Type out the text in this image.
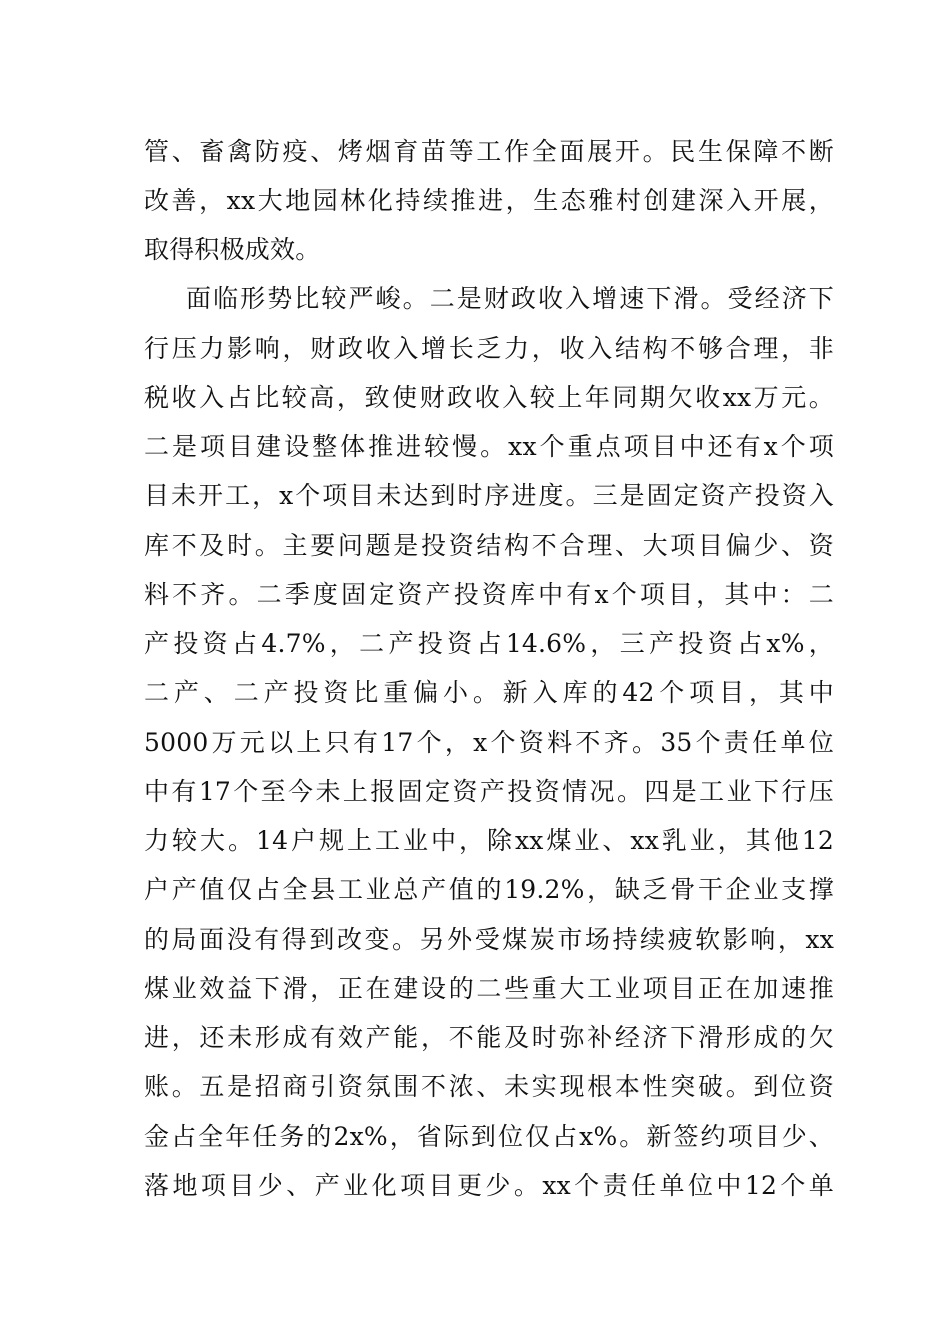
管、畜禽防疫、烤烟育苗等工作全面展开。民生保障不断
改善，xx大地园林化持续推进，生态雅村创建深入开展，
取得积极成效。
面临形势比较严峻。二是财政收入增速下滑。受经济下
行压力影响，财政收入增长乏力，收入结构不够合理，非
税收入占比较高，致使财政收入较上年同期欠收xx万元。
二是项目建设整体推进较慢。xx个重点项目中还有x个项
目未开工，x个项目未达到时序进度。三是固定资产投资入
库不及时。主要问题是投资结构不合理、大项目偏少、资
料不齐。二季度固定资产投资库中有x个项目，其中：二
产投资占4.7%，二产投资占14.6%，三产投资占x%，
二产、二产投资比重偏小。新入库的42个项目，其中
5000万元以上只有17个，x个资料不齐。35个责任单位
中有17个至今未上报固定资产投资情况。四是工业下行压
力较大。14户规上工业中，除xx煤业、xx乳业，其他12
户产值仅占全县工业总产值的19.2%，缺乏骨干企业支撑
的局面没有得到改变。另外受煤炭市场持续疲软影响，xx
煤业效益下滑，正在建设的二些重大工业项目正在加速推
进，还未形成有效产能，不能及时弥补经济下滑形成的欠
账。五是招商引资氛围不浓、未实现根本性突破。到位资
金占全年任务的2x%，省际到位仅占x%。新签约项目少、
落地项目少、产业化项目更少。xx个责任单位中12个单
